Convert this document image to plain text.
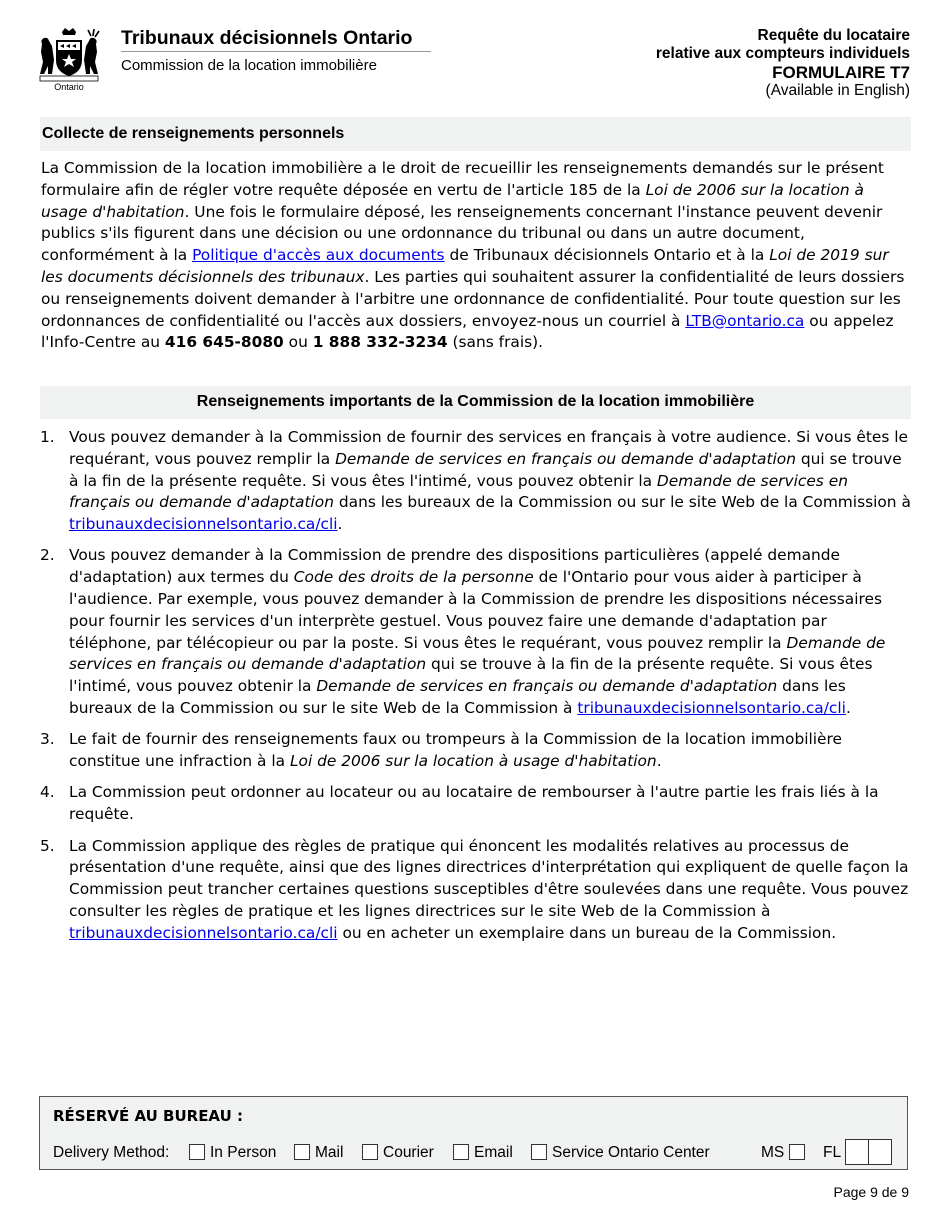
Ontario
Tribunaux décisionnels Ontario
Commission de la location immobilière
Requête du locataire
relative aux compteurs individuels
FORMULAIRE T7
(Available in English)
Collecte de renseignements personnels
La Commission de la location immobilière a le droit de recueillir les renseignements demandés sur le présent formulaire afin de régler votre requête déposée en vertu de l'article 185 de la Loi de 2006 sur la location à usage d'habitation. Une fois le formulaire déposé, les renseignements concernant l'instance peuvent devenir publics s'ils figurent dans une décision ou une ordonnance du tribunal ou dans un autre document, conformément à la Politique d'accès aux documents de Tribunaux décisionnels Ontario et à la Loi de 2019 sur les documents décisionnels des tribunaux. Les parties qui souhaitent assurer la confidentialité de leurs dossiers ou renseignements doivent demander à l'arbitre une ordonnance de confidentialité. Pour toute question sur les ordonnances de confidentialité ou l'accès aux dossiers, envoyez-nous un courriel à LTB@ontario.ca ou appelez l'Info-Centre au 416 645-8080 ou 1 888 332-3234 (sans frais).
Renseignements importants de la Commission de la location immobilière
1. Vous pouvez demander à la Commission de fournir des services en français à votre audience. Si vous êtes le requérant, vous pouvez remplir la Demande de services en français ou demande d'adaptation qui se trouve à la fin de la présente requête. Si vous êtes l'intimé, vous pouvez obtenir la Demande de services en français ou demande d'adaptation dans les bureaux de la Commission ou sur le site Web de la Commission à tribunauxdecisionnelsontario.ca/cli.
2. Vous pouvez demander à la Commission de prendre des dispositions particulières (appelé demande d'adaptation) aux termes du Code des droits de la personne de l'Ontario pour vous aider à participer à l'audience. Par exemple, vous pouvez demander à la Commission de prendre les dispositions nécessaires pour fournir les services d'un interprète gestuel. Vous pouvez faire une demande d'adaptation par téléphone, par télécopieur ou par la poste. Si vous êtes le requérant, vous pouvez remplir la Demande de services en français ou demande d'adaptation qui se trouve à la fin de la présente requête. Si vous êtes l'intimé, vous pouvez obtenir la Demande de services en français ou demande d'adaptation dans les bureaux de la Commission ou sur le site Web de la Commission à tribunauxdecisionnelsontario.ca/cli.
3. Le fait de fournir des renseignements faux ou trompeurs à la Commission de la location immobilière constitue une infraction à la Loi de 2006 sur la location à usage d'habitation.
4. La Commission peut ordonner au locateur ou au locataire de rembourser à l'autre partie les frais liés à la requête.
5. La Commission applique des règles de pratique qui énoncent les modalités relatives au processus de présentation d'une requête, ainsi que des lignes directrices d'interprétation qui expliquent de quelle façon la Commission peut trancher certaines questions susceptibles d'être soulevées dans une requête. Vous pouvez consulter les règles de pratique et les lignes directrices sur le site Web de la Commission à tribunauxdecisionnelsontario.ca/cli ou en acheter un exemplaire dans un bureau de la Commission.
RÉSERVÉ AU BUREAU :
Delivery Method:	In Person	Mail	Courier	Email	Service Ontario Center	MS	FL
Page 9 de 9
